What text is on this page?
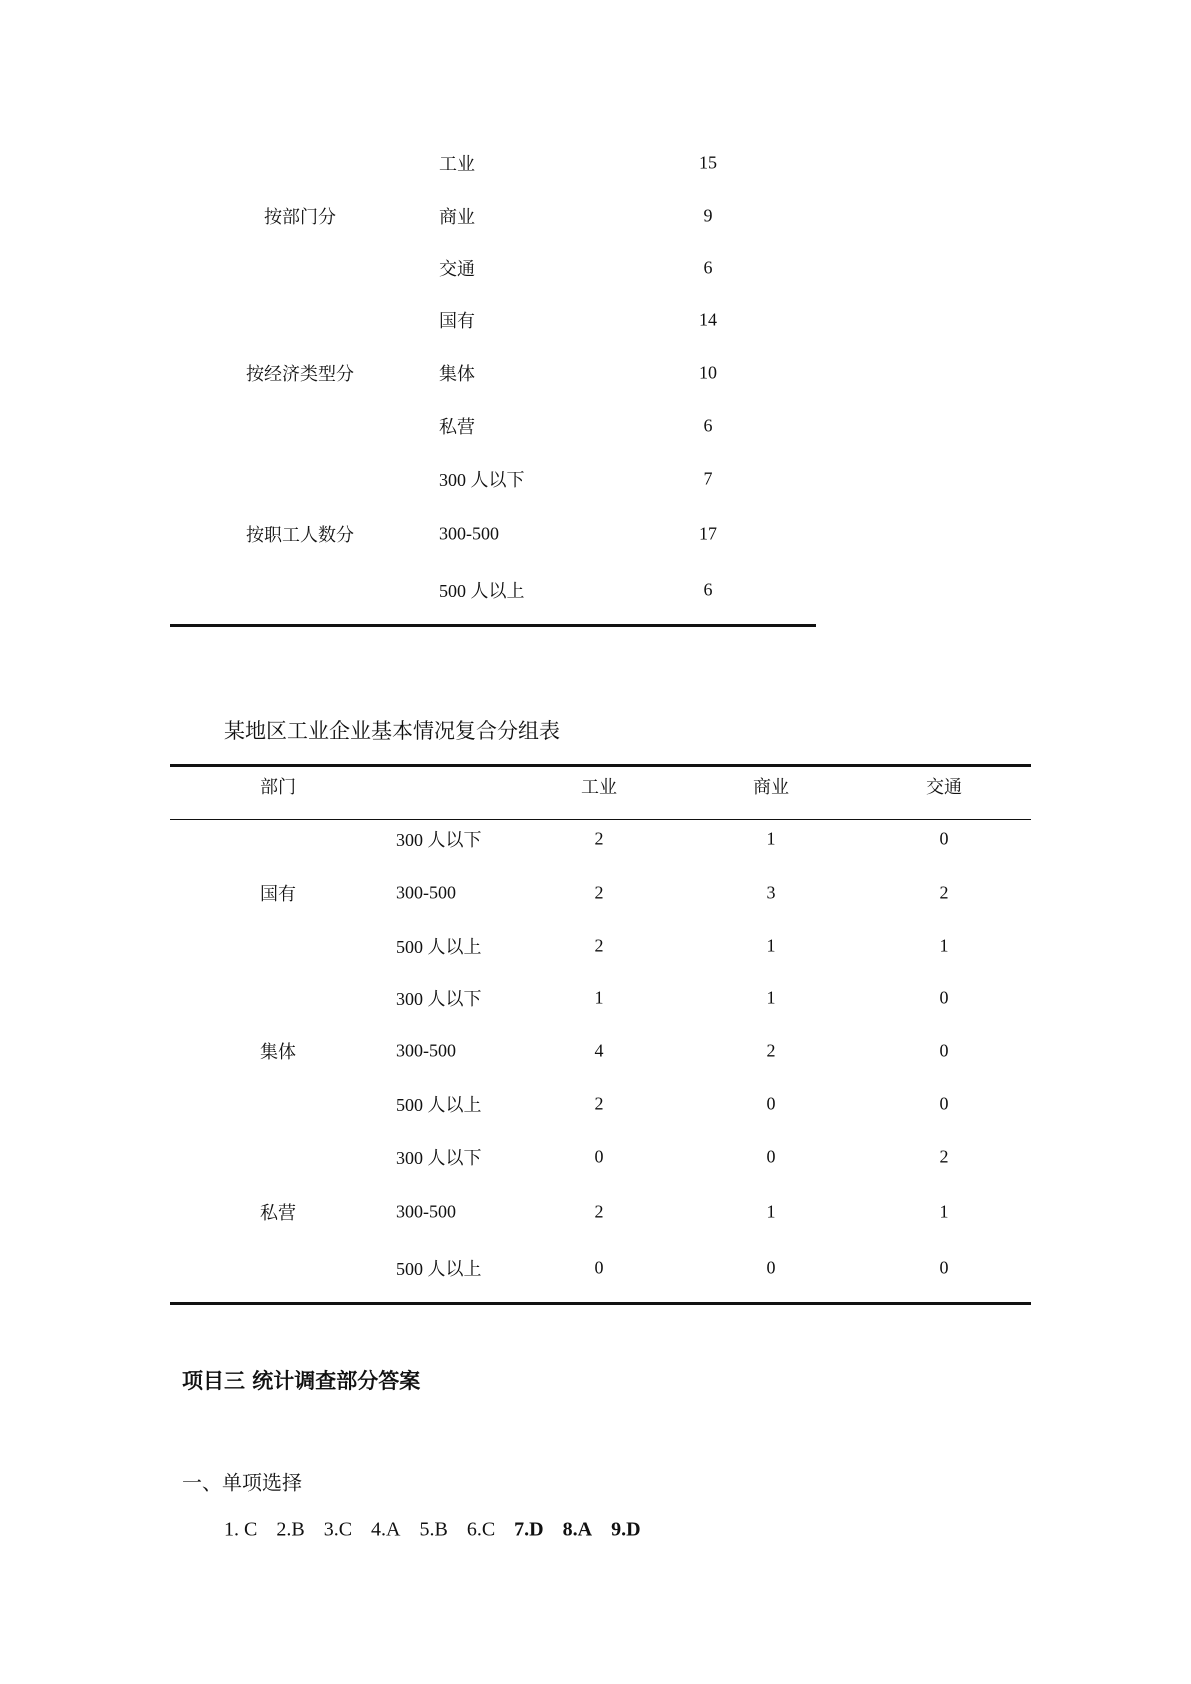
按部门分
工业	15
商业	9
交通	6
按经济类型分
国有	14
集体	10
私营	6
按职工人数分
300 人以下	7
300-500	17
500 人以上	6
某地区工业企业基本情况复合分组表
部门	工业	商业	交通
国有
300 人以下	2	1	0
300-500	2	3	2
500 人以上	2	1	1
集体
300 人以下	1	1	0
300-500	4	2	0
500 人以上	2	0	0
私营
300 人以下	0	0	2
300-500	2	1	1
500 人以上	0	0	0
项目三 统计调查部分答案
一、单项选择
1. C 2.B 3.C 4.A 5.B 6.C 7.D 8.A 9.D
